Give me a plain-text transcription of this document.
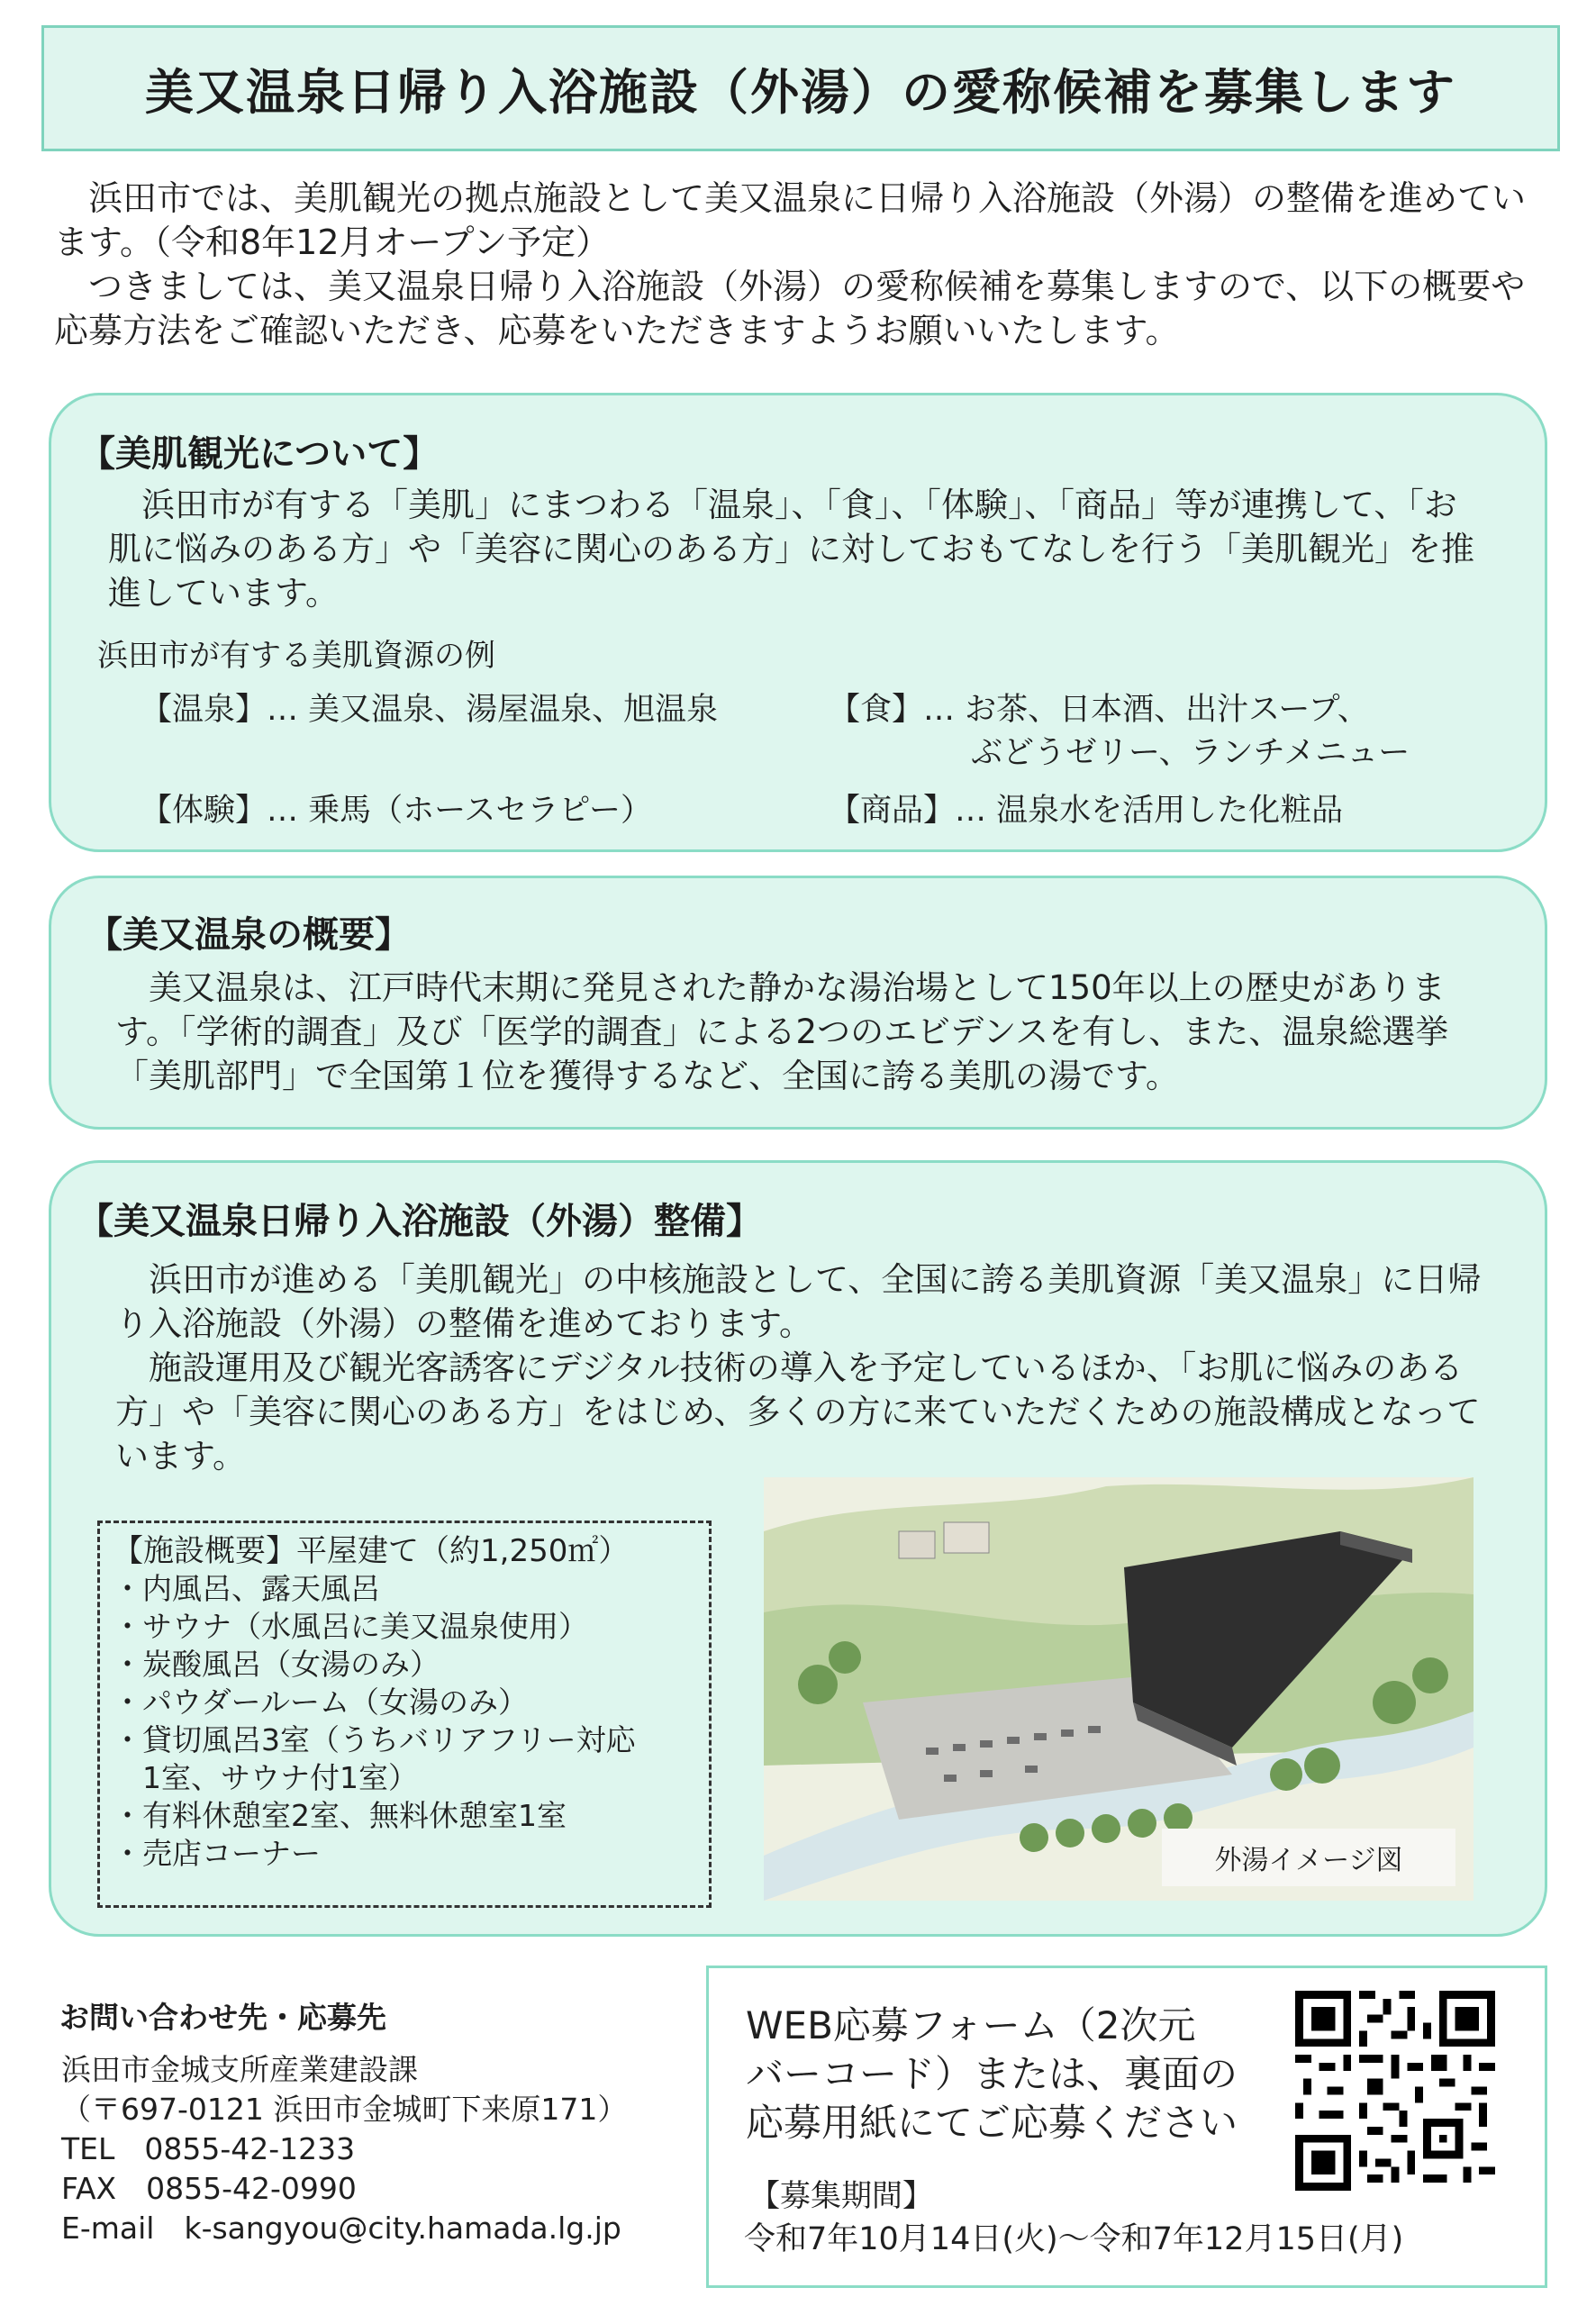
美又温泉日帰り入浴施設（外湯）の愛称候補を募集します

浜田市では、美肌観光の拠点施設として美又温泉に日帰り入浴施設（外湯）の整備を進めています。（令和8年12月オープン予定）

つきましては、美又温泉日帰り入浴施設（外湯）の愛称候補を募集しますので、以下の概要や応募方法をご確認いただき、応募をいただきますようお願いいたします。

【美肌観光について】

浜田市が有する「美肌」にまつわる「温泉」、「食」、「体験」、「商品」等が連携して、「お肌に悩みのある方」や「美容に関心のある方」に対しておもてなしを行う「美肌観光」を推進しています。

浜田市が有する美肌資源の例
【温泉】… 美又温泉、湯屋温泉、旭温泉	【食】… お茶、日本酒、出汁スープ、
ぶどうゼリー、ランチメニュー
【体験】… 乗馬（ホースセラピー）	【商品】… 温泉水を活用した化粧品
【美又温泉の概要】

美又温泉は、江戸時代末期に発見された静かな湯治場として150年以上の歴史があります。「学術的調査」及び「医学的調査」による2つのエビデンスを有し、また、温泉総選挙「美肌部門」で全国第１位を獲得するなど、全国に誇る美肌の湯です。

【美又温泉日帰り入浴施設（外湯）整備】

浜田市が進める「美肌観光」の中核施設として、全国に誇る美肌資源「美又温泉」に日帰り入浴施設（外湯）の整備を進めております。

施設運用及び観光客誘客にデジタル技術の導入を予定しているほか、「お肌に悩みのある方」や「美容に関心のある方」をはじめ、多くの方に来ていただくための施設構成となっています。

【施設概要】平屋建て（約1,250㎡）
・内風呂、露天風呂
・サウナ（水風呂に美又温泉使用）
・炭酸風呂（女湯のみ）
・パウダールーム（女湯のみ）
・貸切風呂3室（うちバリアフリー対応
　1室、サウナ付1室）
・有料休憩室2室、無料休憩室1室
・売店コーナー	外湯イメージ図
お問い合わせ先・応募先
浜田市金城支所産業建設課
（〒697-0121 浜田市金城町下来原171）
TEL　0855-42-1233
FAX　0855-42-0990
E-mail　k-sangyou@city.hamada.lg.jp
WEB応募フォーム（2次元
バーコード）または、裏面の
応募用紙にてご応募ください
【募集期間】
令和7年10月14日(火)～令和7年12月15日(月)
